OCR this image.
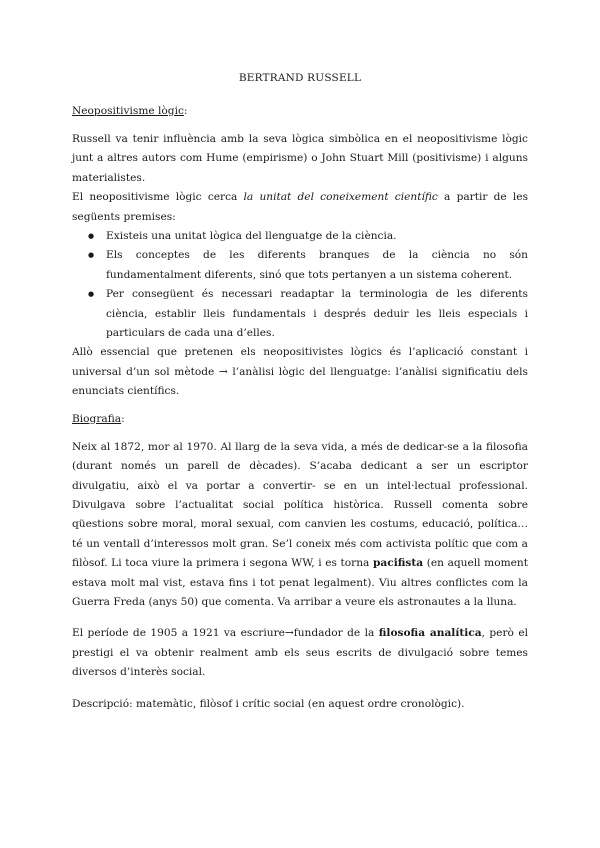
BERTRAND RUSSELL
Neopositivisme lògic:

Russell va tenir influència amb la seva lògica simbòlica en el neopositivisme lògic junt a altres autors com Hume (empirisme) o John Stuart Mill (positivisme) i alguns materialistes.

El neopositivisme lògic cerca la unitat del coneixement científic a partir de les següents premises:

● Existeis una unitat lògica del llenguatge de la ciència.
● Els conceptes de les diferents branques de la ciència no són fundamentalment diferents, sinó que tots pertanyen a un sistema coherent.
● Per consegüent és necessari readaptar la terminologia de les diferents ciència, establir lleis fundamentals i després deduir les lleis especials i particulars de cada una d’elles.

Allò essencial que pretenen els neopositivistes lògics és l’aplicació constant i universal d’un sol mètode → l’anàlisi lògic del llenguatge: l’anàlisi significatiu dels enunciats científics.

Biografia:

Neix al 1872, mor al 1970. Al llarg de la seva vida, a més de dedicar-se a la filosofia (durant només un parell de dècades). S’acaba dedicant a ser un escriptor divulgatiu, això el va portar a convertir- se en un intel·lectual professional. Divulgava sobre l’actualitat social política històrica. Russell comenta sobre qüestions sobre moral, moral sexual, com canvien les costums, educació, política… té un ventall d’interessos molt gran. Se’l coneix més com activista polític que com a filòsof. Li toca viure la primera i segona WW, i es torna pacifista (en aquell moment estava molt mal vist, estava fins i tot penat legalment). Viu altres conflictes com la Guerra Freda (anys 50) que comenta. Va arribar a veure els astronautes a la lluna.

El període de 1905 a 1921 va escriure→fundador de la filosofia analítica, però el prestigi el va obtenir realment amb els seus escrits de divulgació sobre temes diversos d’interès social.

Descripció: matemàtic, filòsof i crític social (en aquest ordre cronològic).
